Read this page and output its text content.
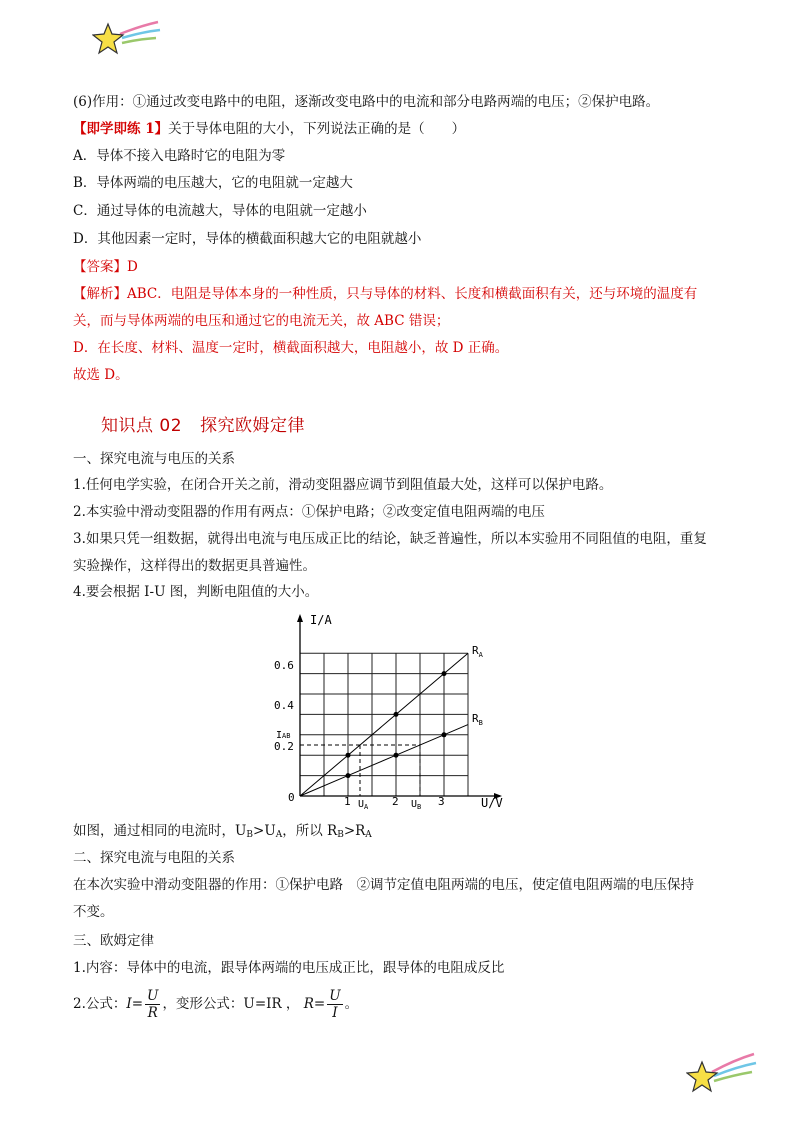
(6)作用：①通过改变电路中的电阻，逐渐改变电路中的电流和部分电路两端的电压；②保护电路。
【即学即练 1】关于导体电阻的大小，下列说法正确的是（　　）
A．导体不接入电路时它的电阻为零
B．导体两端的电压越大，它的电阻就一定越大
C．通过导体的电流越大，导体的电阻就一定越小
D．其他因素一定时，导体的横截面积越大它的电阻就越小
【答案】D
【解析】ABC．电阻是导体本身的一种性质，只与导体的材料、长度和横截面积有关，还与环境的温度有
关，而与导体两端的电压和通过它的电流无关，故 ABC 错误；
D．在长度、材料、温度一定时，横截面积越大，电阻越小，故 D 正确。
故选 D。
知识点 02 探究欧姆定律
一、探究电流与电压的关系
1.任何电学实验，在闭合开关之前，滑动变阻器应调节到阻值最大处，这样可以保护电路。
2.本实验中滑动变阻器的作用有两点：①保护电路；②改变定值电阻两端的电压
3.如果只凭一组数据，就得出电流与电压成正比的结论，缺乏普遍性，所以本实验用不同阻值的电阻，重复
实验操作，这样得出的数据更具普遍性。
4.要会根据 I-U 图，判断电阻值的大小。
I/A
U/V
0
0.2
0.4
0.6
1	2	3
IAB
$U_A$	$U_B$
$R_A$
$R_B$
如图，通过相同的电流时，$U_B>U_A$，所以 $R_B>R_A$
二、探究电流与电阻的关系
在本次实验中滑动变阻器的作用：①保护电路　②调节定值电阻两端的电压，使定值电阻两端的电压保持
不变。
三、欧姆定律
1.内容：导体中的电流，跟导体两端的电压成正比，跟导体的电阻成反比
2.公式：$I= \frac{U}{R}$ ，变形公式：U=IR ， $R= \frac{U}{I}$ 。
